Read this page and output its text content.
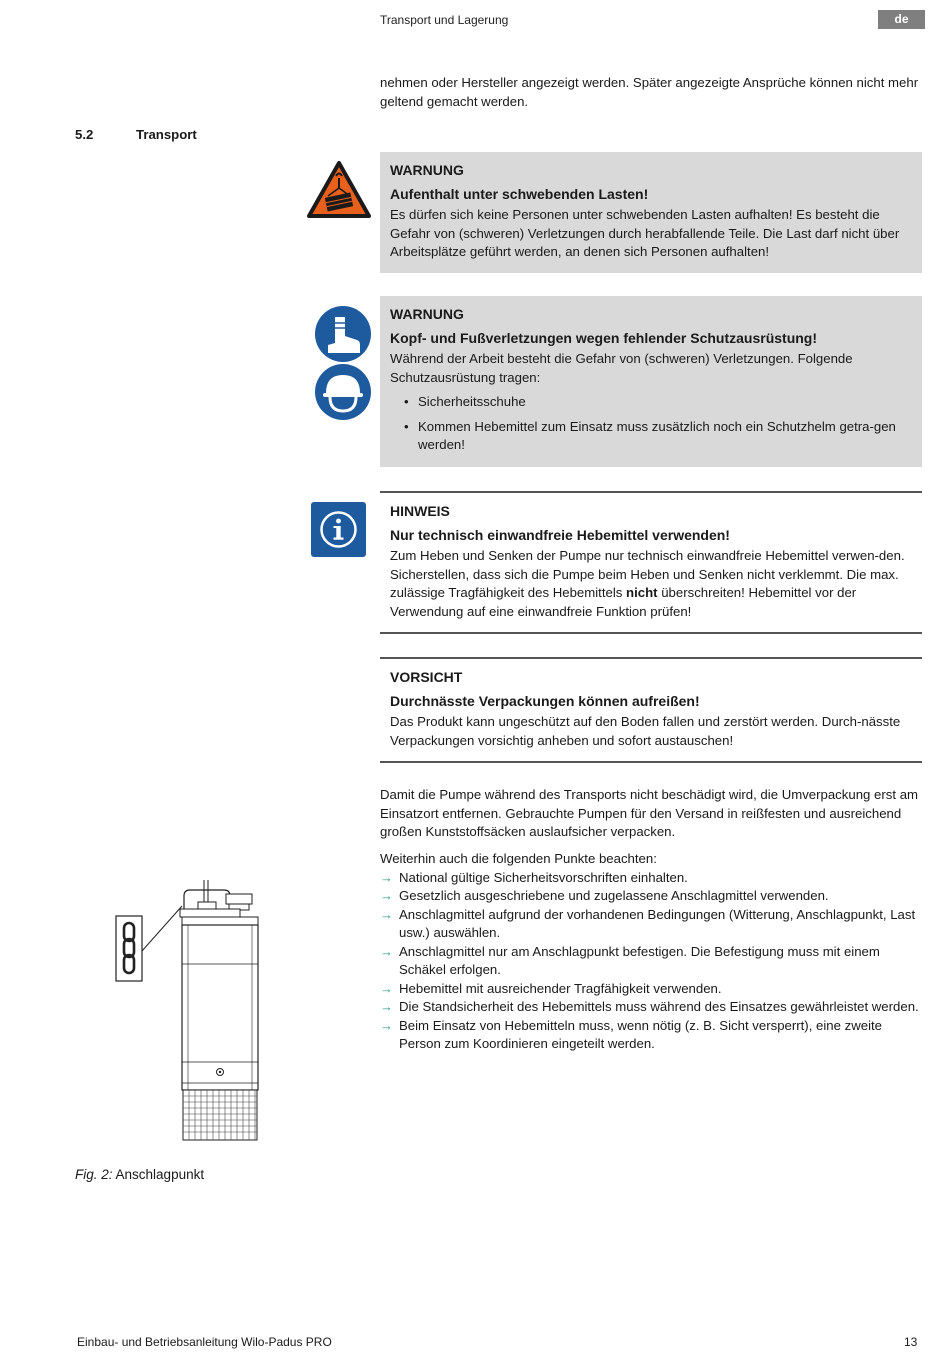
Transport und Lagerung	de
nehmen oder Hersteller angezeigt werden. Später angezeigte Ansprüche können nicht mehr geltend gemacht werden.
5.2	Transport
WARNUNG
Aufenthalt unter schwebenden Lasten!
Es dürfen sich keine Personen unter schwebenden Lasten aufhalten! Es besteht die Gefahr von (schweren) Verletzungen durch herabfallende Teile. Die Last darf nicht über Arbeitsplätze geführt werden, an denen sich Personen aufhalten!
WARNUNG
Kopf- und Fußverletzungen wegen fehlender Schutzausrüstung!
Während der Arbeit besteht die Gefahr von (schweren) Verletzungen. Folgende Schutzausrüstung tragen:
• Sicherheitsschuhe
• Kommen Hebemittel zum Einsatz muss zusätzlich noch ein Schutzhelm getra-gen werden!
HINWEIS
Nur technisch einwandfreie Hebemittel verwenden!
Zum Heben und Senken der Pumpe nur technisch einwandfreie Hebemittel verwen-den. Sicherstellen, dass sich die Pumpe beim Heben und Senken nicht verklemmt. Die max. zulässige Tragfähigkeit des Hebemittels nicht überschreiten! Hebemittel vor der Verwendung auf eine einwandfreie Funktion prüfen!
VORSICHT
Durchnässte Verpackungen können aufreißen!
Das Produkt kann ungeschützt auf den Boden fallen und zerstört werden. Durch-nässte Verpackungen vorsichtig anheben und sofort austauschen!
Damit die Pumpe während des Transports nicht beschädigt wird, die Umverpackung erst am Einsatzort entfernen. Gebrauchte Pumpen für den Versand in reißfesten und ausreichend großen Kunststoffsäcken auslaufsicher verpacken.
Weiterhin auch die folgenden Punkte beachten:
→ National gültige Sicherheitsvorschriften einhalten.
→ Gesetzlich ausgeschriebene und zugelassene Anschlagmittel verwenden.
→ Anschlagmittel aufgrund der vorhandenen Bedingungen (Witterung, Anschlagpunkt, Last usw.) auswählen.
→ Anschlagmittel nur am Anschlagpunkt befestigen. Die Befestigung muss mit einem Schäkel erfolgen.
→ Hebemittel mit ausreichender Tragfähigkeit verwenden.
→ Die Standsicherheit des Hebemittels muss während des Einsatzes gewährleistet werden.
→ Beim Einsatz von Hebemitteln muss, wenn nötig (z. B. Sicht versperrt), eine zweite Person zum Koordinieren eingeteilt werden.
Fig. 2: Anschlagpunkt
Einbau- und Betriebsanleitung Wilo-Padus PRO	13
